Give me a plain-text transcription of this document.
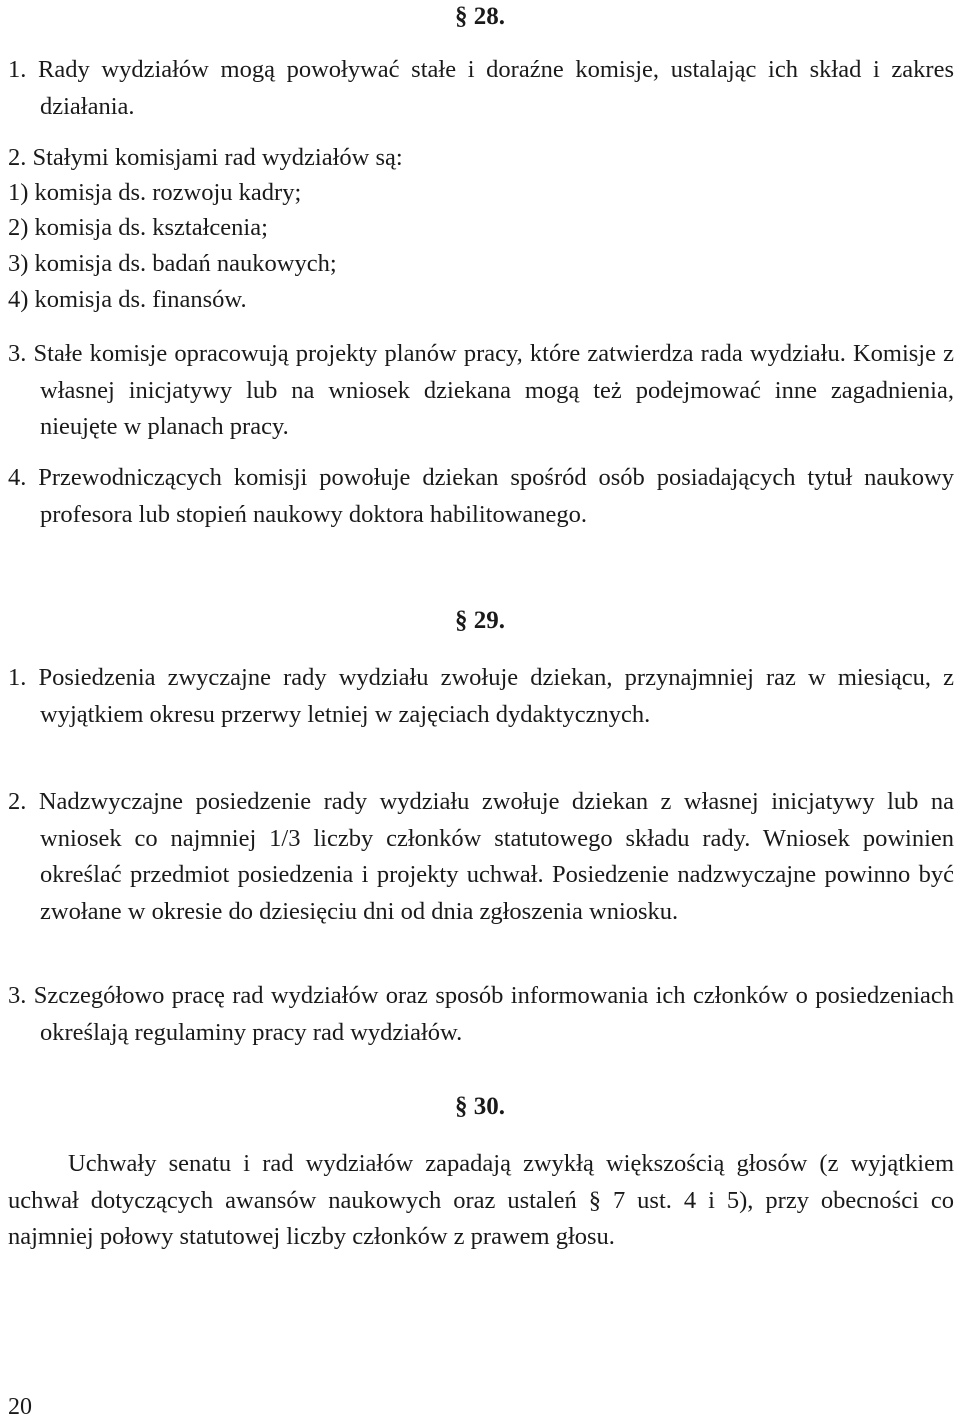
§ 28.

1. Rady wydziałów mogą powoływać stałe i doraźne komisje, ustalając ich skład i zakres działania.

2. Stałymi komisjami rad wydziałów są:

1) komisja ds. rozwoju kadry;

2) komisja ds. kształcenia;

3) komisja ds. badań naukowych;

4) komisja ds. finansów.

3. Stałe komisje opracowują projekty planów pracy, które zatwierdza rada wydziału. Komisje z własnej inicjatywy lub na wniosek dziekana mogą też podejmować inne zagadnienia, nieujęte w planach pracy.

4. Przewodniczących komisji powołuje dziekan spośród osób posiadających tytuł naukowy profesora lub stopień naukowy doktora habilitowanego.

§ 29.

1. Posiedzenia zwyczajne rady wydziału zwołuje dziekan, przynajmniej raz w miesiącu, z wyjątkiem okresu przerwy letniej w zajęciach dydaktycznych.

2. Nadzwyczajne posiedzenie rady wydziału zwołuje dziekan z własnej inicjatywy lub na wniosek co najmniej 1/3 liczby członków statutowego składu rady. Wniosek powinien określać przedmiot posiedzenia i projekty uchwał. Posiedzenie nadzwyczajne powinno być zwołane w okresie do dziesięciu dni od dnia zgłoszenia wniosku.

3. Szczegółowo pracę rad wydziałów oraz sposób informowania ich członków o posiedzeniach określają regulaminy pracy rad wydziałów.

§ 30.

Uchwały senatu i rad wydziałów zapadają zwykłą większością głosów (z wyjątkiem uchwał dotyczących awansów naukowych oraz ustaleń § 7 ust. 4 i 5), przy obecności co najmniej połowy statutowej liczby członków z prawem głosu.

20
